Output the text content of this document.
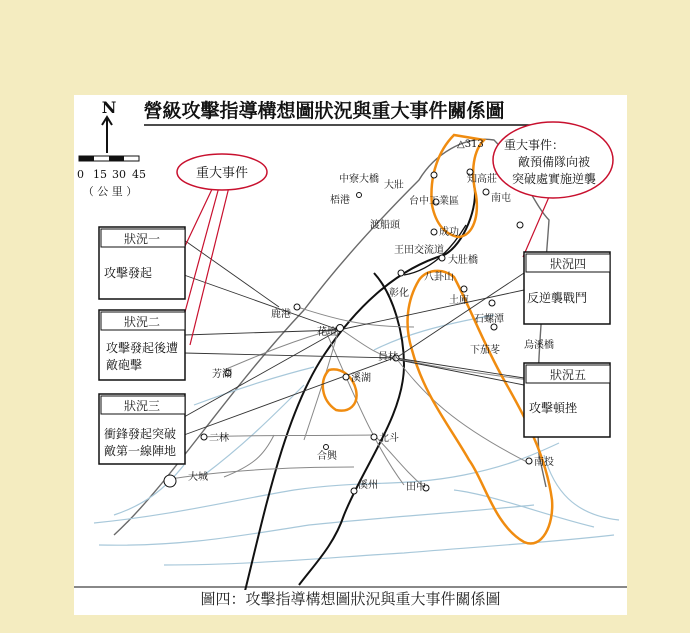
營級攻擊指導構想圖狀況與重大事件關係圖
N
0 15 30 45
（ 公 里 ）
重大事件
重大事件：
敵預備隊向被
突破處實施逆襲
狀況一
攻擊發起
狀況二
攻擊發起後遭
敵砲擊
狀況三
衝鋒發起突破
敵第一線陣地
狀況四
反逆襲戰鬥
狀況五
攻擊頓挫
△313
中寮大橋
大壯
知高莊
梧港	台中工業區	南屯
渡船頭
成功
王田交流道
大肚橋
八卦山
彰化
土庫
石螺潭
鹿港
花壇
下茄苳 烏溪橋
員林
溪湖
芳湖
二林	北斗
合興
溪州	田中
南投
大城
圖四：攻擊指導構想圖狀況與重大事件關係圖
